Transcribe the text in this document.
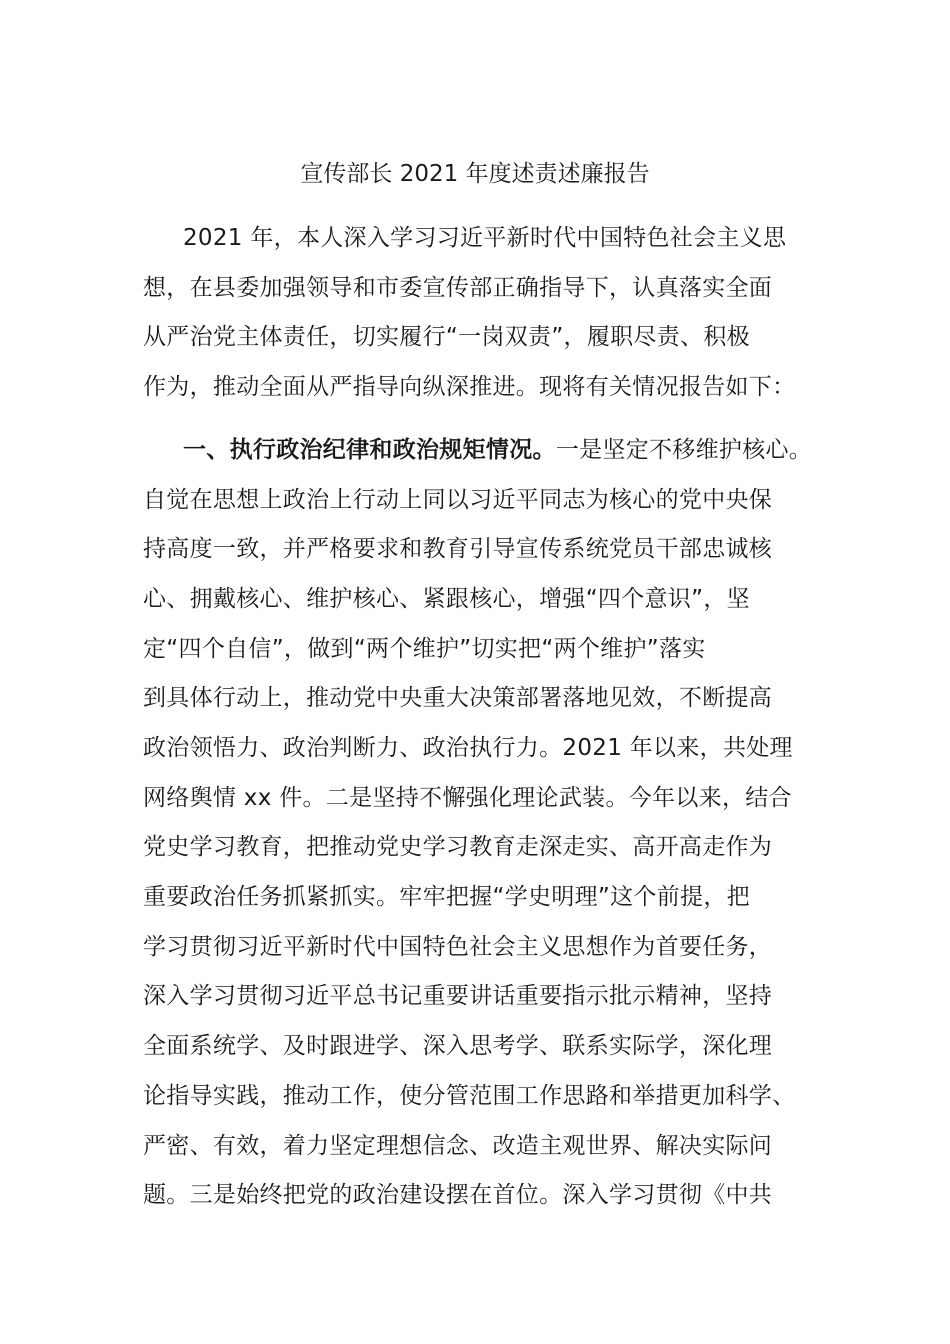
宣传部长 2021 年度述责述廉报告
2021 年，本人深入学习习近平新时代中国特色社会主义思
想，在县委加强领导和市委宣传部正确指导下，认真落实全面
从严治党主体责任，切实履行“一岗双责”，履职尽责、积极
作为，推动全面从严指导向纵深推进。现将有关情况报告如下：
一、执行政治纪律和政治规矩情况。一是坚定不移维护核心。
自觉在思想上政治上行动上同以习近平同志为核心的党中央保
持高度一致，并严格要求和教育引导宣传系统党员干部忠诚核
心、拥戴核心、维护核心、紧跟核心，增强“四个意识”，坚
定“四个自信”，做到“两个维护”切实把“两个维护”落实
到具体行动上，推动党中央重大决策部署落地见效，不断提高
政治领悟力、政治判断力、政治执行力。2021 年以来，共处理
网络舆情 xx 件。二是坚持不懈强化理论武装。今年以来，结合
党史学习教育，把推动党史学习教育走深走实、高开高走作为
重要政治任务抓紧抓实。牢牢把握“学史明理”这个前提，把
学习贯彻习近平新时代中国特色社会主义思想作为首要任务，
深入学习贯彻习近平总书记重要讲话重要指示批示精神，坚持
全面系统学、及时跟进学、深入思考学、联系实际学，深化理
论指导实践，推动工作，使分管范围工作思路和举措更加科学、
严密、有效，着力坚定理想信念、改造主观世界、解决实际问
题。三是始终把党的政治建设摆在首位。深入学习贯彻《中共
